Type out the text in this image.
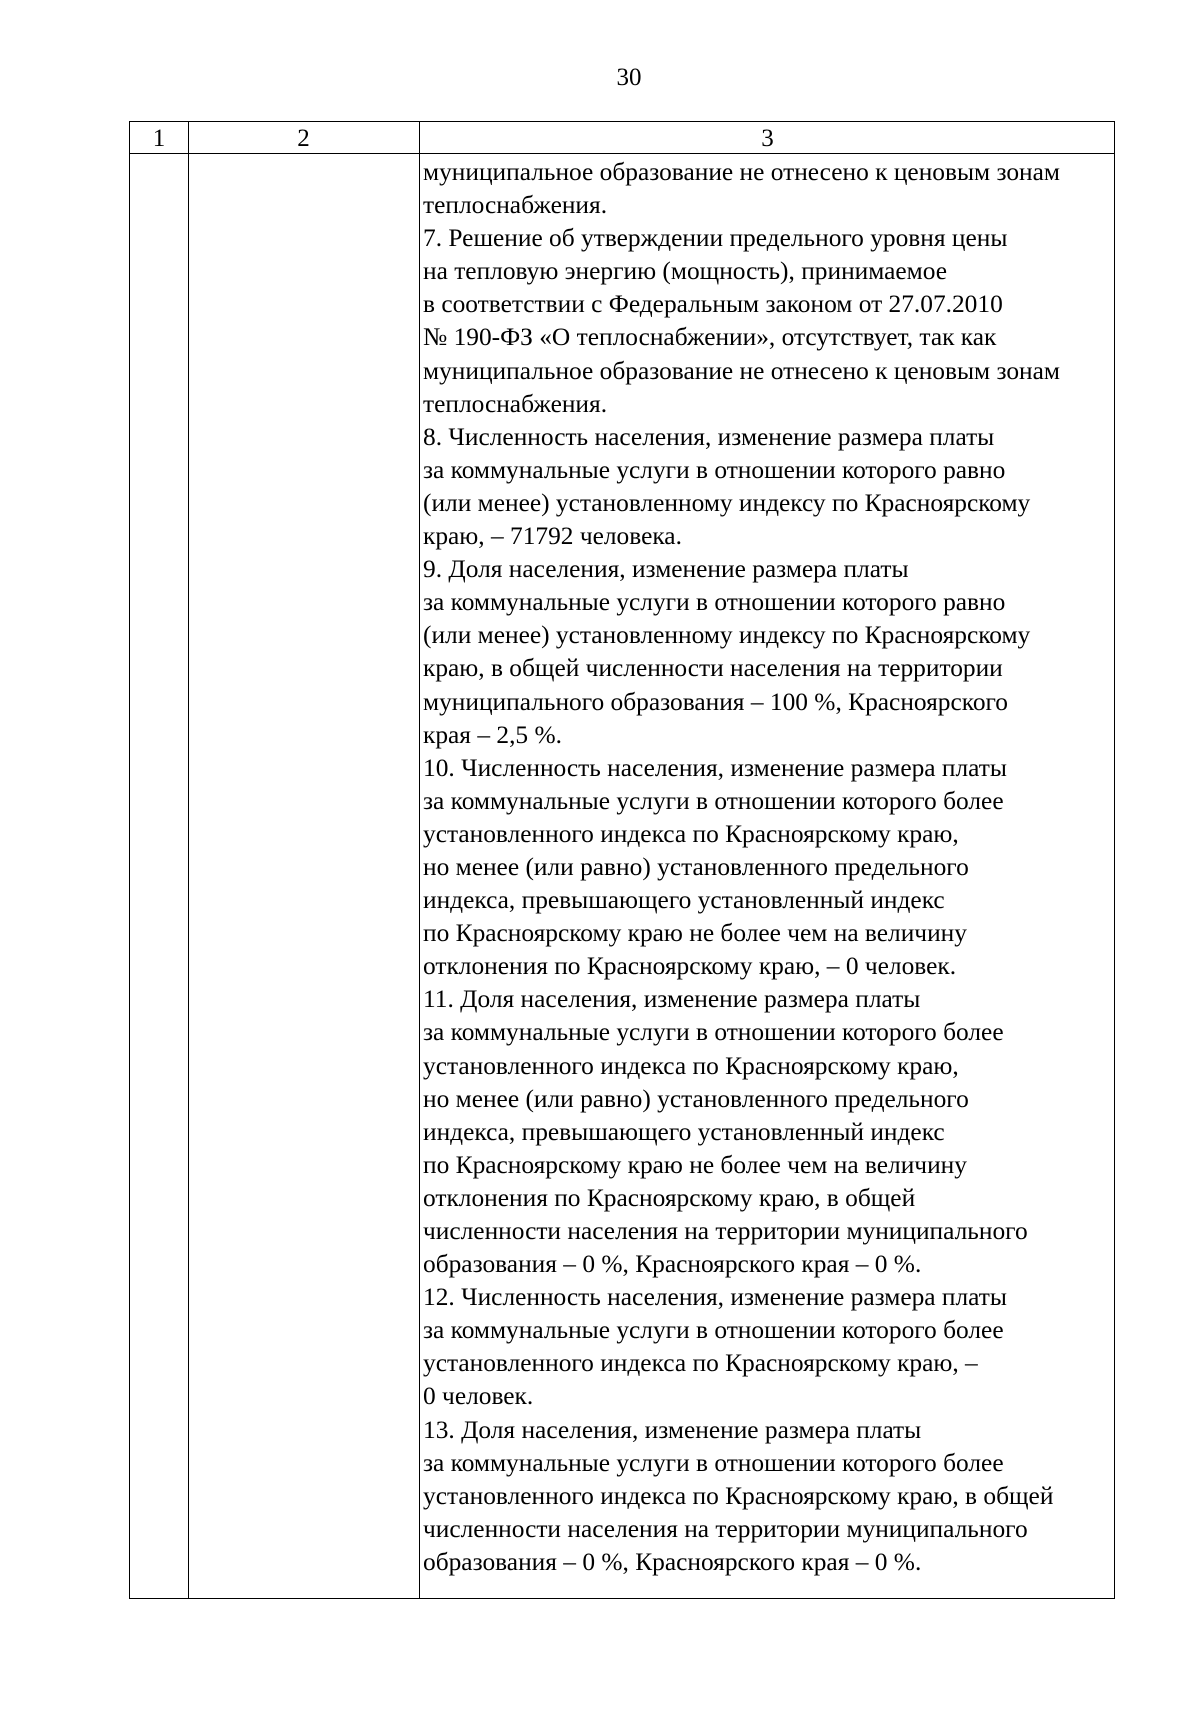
30
1	2	3
муниципальное образование не отнесено к ценовым зонам
теплоснабжения.
7. Решение об утверждении предельного уровня цены
на тепловую энергию (мощность), принимаемое
в соответствии с Федеральным законом от 27.07.2010
№ 190-ФЗ «О теплоснабжении», отсутствует, так как
муниципальное образование не отнесено к ценовым зонам
теплоснабжения.
8. Численность населения, изменение размера платы
за коммунальные услуги в отношении которого равно
(или менее) установленному индексу по Красноярскому
краю, – 71792 человека.
9. Доля населения, изменение размера платы
за коммунальные услуги в отношении которого равно
(или менее) установленному индексу по Красноярскому
краю, в общей численности населения на территории
муниципального образования – 100 %, Красноярского
края – 2,5 %.
10. Численность населения, изменение размера платы
за коммунальные услуги в отношении которого более
установленного индекса по Красноярскому краю,
но менее (или равно) установленного предельного
индекса, превышающего установленный индекс
по Красноярскому краю не более чем на величину
отклонения по Красноярскому краю, – 0 человек.
11. Доля населения, изменение размера платы
за коммунальные услуги в отношении которого более
установленного индекса по Красноярскому краю,
но менее (или равно) установленного предельного
индекса, превышающего установленный индекс
по Красноярскому краю не более чем на величину
отклонения по Красноярскому краю, в общей
численности населения на территории муниципального
образования – 0 %, Красноярского края – 0 %.
12. Численность населения, изменение размера платы
за коммунальные услуги в отношении которого более
установленного индекса по Красноярскому краю, –
0 человек.
13. Доля населения, изменение размера платы
за коммунальные услуги в отношении которого более
установленного индекса по Красноярскому краю, в общей
численности населения на территории муниципального
образования – 0 %, Красноярского края – 0 %.
